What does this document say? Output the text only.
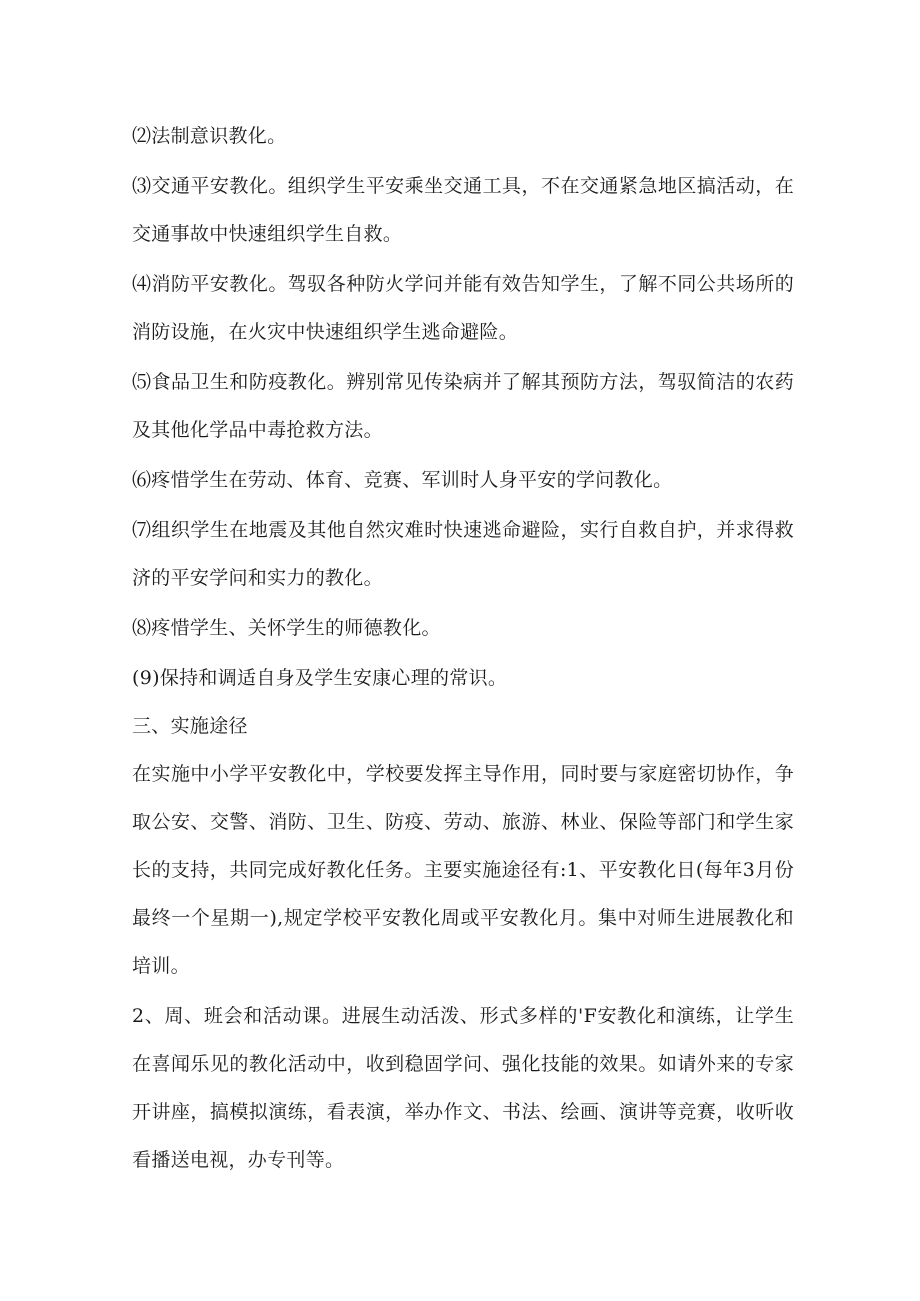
⑵法制意识教化。

⑶交通平安教化。组织学生平安乘坐交通工具，不在交通紧急地区搞活动，在交通事故中快速组织学生自救。

⑷消防平安教化。驾驭各种防火学问并能有效告知学生，了解不同公共场所的消防设施，在火灾中快速组织学生逃命避险。

⑸食品卫生和防疫教化。辨别常见传染病并了解其预防方法，驾驭简洁的农药及其他化学品中毒抢救方法。

⑹疼惜学生在劳动、体育、竞赛、军训时人身平安的学问教化。

⑺组织学生在地震及其他自然灾难时快速逃命避险，实行自救自护，并求得救济的平安学问和实力的教化。

⑻疼惜学生、关怀学生的师德教化。

(9)保持和调适自身及学生安康心理的常识。

三、实施途径

在实施中小学平安教化中，学校要发挥主导作用，同时要与家庭密切协作，争取公安、交警、消防、卫生、防疫、劳动、旅游、林业、保险等部门和学生家长的支持，共同完成好教化任务。主要实施途径有:1、平安教化日(每年3月份最终一个星期一),规定学校平安教化周或平安教化月。集中对师生进展教化和培训。

2、周、班会和活动课。进展生动活泼、形式多样的'F安教化和演练，让学生在喜闻乐见的教化活动中，收到稳固学问、强化技能的效果。如请外来的专家开讲座，搞模拟演练，看表演，举办作文、书法、绘画、演讲等竞赛，收听收看播送电视，办专刊等。
